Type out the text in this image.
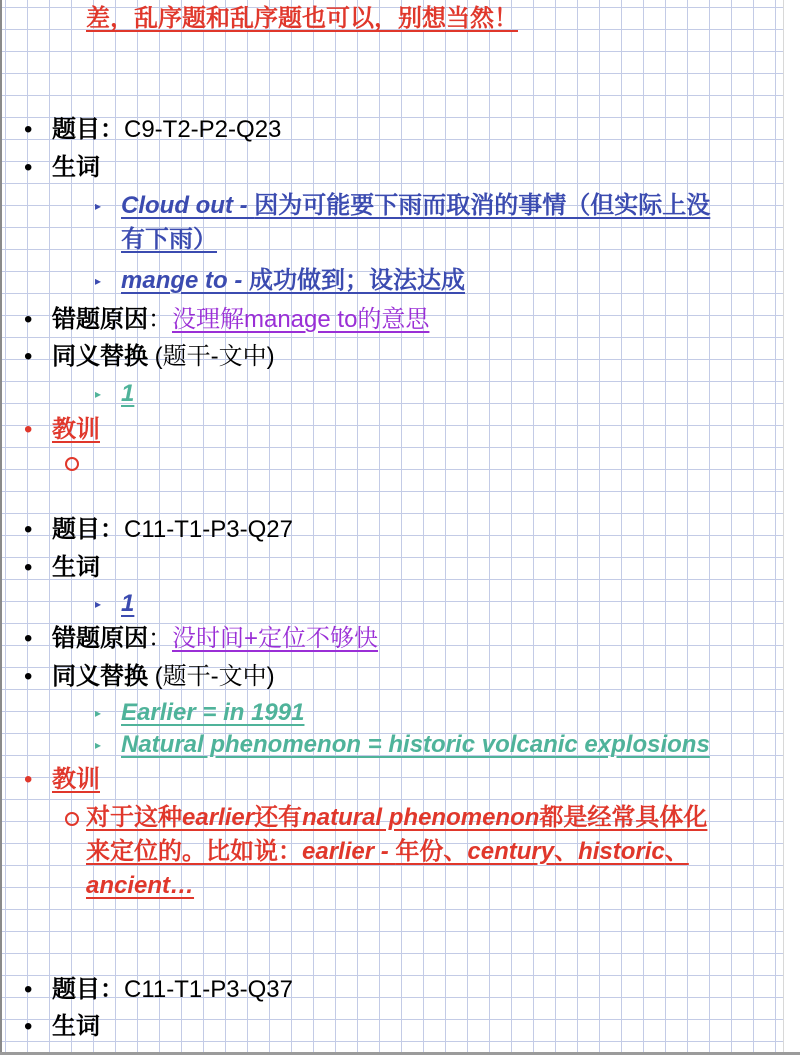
差，乱序题和乱序题也可以，别想当然！
• 题目：C9-T2-P2-Q23
• 生词
▸ Cloud out - 因为可能要下雨而取消的事情（但实际上没
有下雨）
▸ mange to - 成功做到；设法达成
• 错题原因：没理解manage to的意思
• 同义替换 (题干-文中)
▸ 1
• 教训
• 题目：C11-T1-P3-Q27
• 生词
▸ 1
• 错题原因：没时间+定位不够快
• 同义替换 (题干-文中)
▸ Earlier = in 1991
▸ Natural phenomenon = historic volcanic explosions
• 教训
对于这种earlier还有natural phenomenon都是经常具体化
来定位的。比如说：earlier - 年份、century、historic、
ancient…
• 题目：C11-T1-P3-Q37
• 生词
